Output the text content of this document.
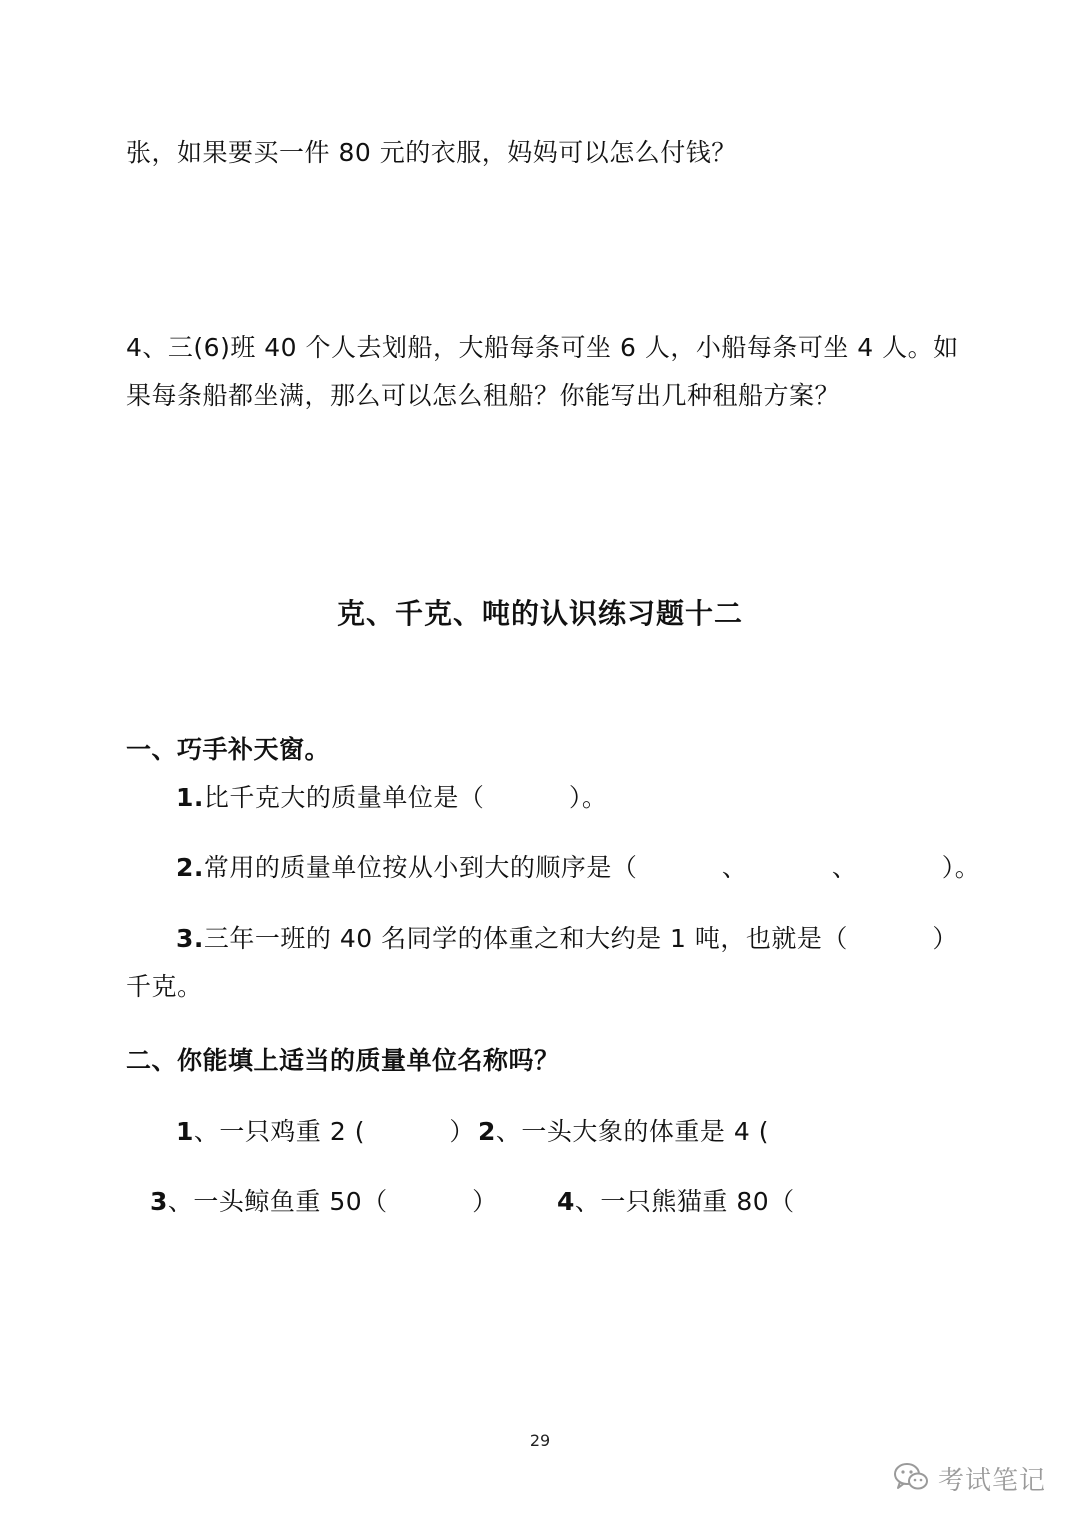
张，如果要买一件 80 元的衣服，妈妈可以怎么付钱？
4、三(6)班 40 个人去划船，大船每条可坐 6 人，小船每条可坐 4 人。如
果每条船都坐满，那么可以怎么租船？你能写出几种租船方案？
克、千克、吨的认识练习题十二
一、巧手补天窗。
1.比千克大的质量单位是（          ）。
2.常用的质量单位按从小到大的顺序是（          、          、          ）。
3.三年一班的 40 名同学的体重之和大约是 1 吨，也就是（          ）
千克。
二、你能填上适当的质量单位名称吗？
1、一只鸡重 2 (          ） 2、一头大象的体重是 4 (
3、一头鲸鱼重 50（          ） 4、一只熊猫重 80（
29
考试笔记
